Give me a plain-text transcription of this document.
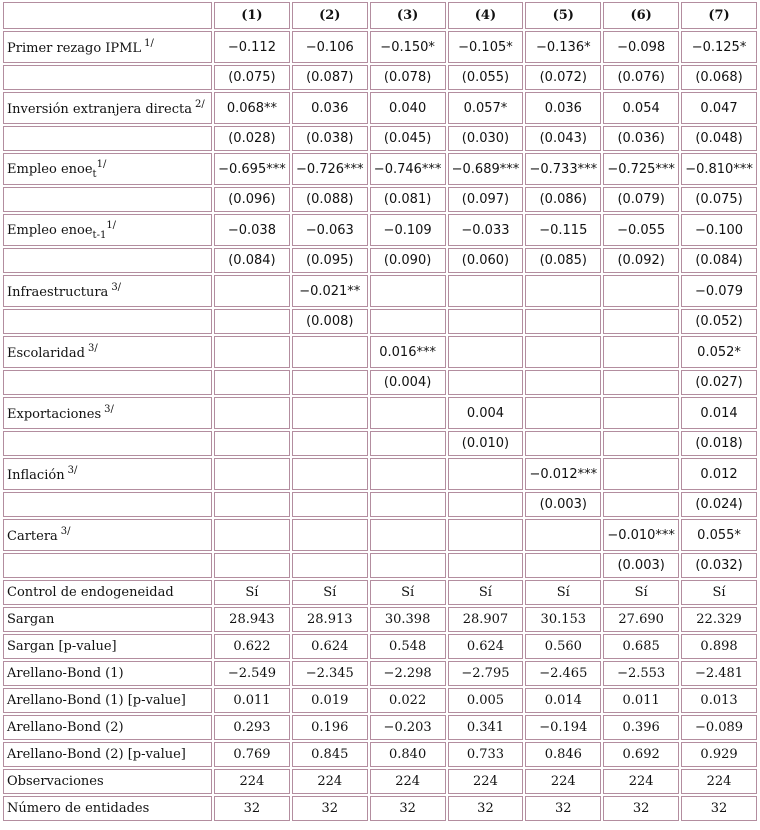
	(1)	(2)	(3)	(4)	(5)	(6)	(7)
Primer rezago IPML $^{1/}$	−0.112	−0.106	−0.150*	−0.105*	−0.136*	−0.098	−0.125*
	(0.075)	(0.087)	(0.078)	(0.055)	(0.072)	(0.076)	(0.068)
Inversión extranjera directa $^{2/}$	0.068**	0.036	0.040	0.057*	0.036	0.054	0.047
	(0.028)	(0.038)	(0.045)	(0.030)	(0.043)	(0.036)	(0.048)
Empleo enoe$_t^{1/}$	−0.695***	−0.726***	−0.746***	−0.689***	−0.733***	−0.725***	−0.810***
	(0.096)	(0.088)	(0.081)	(0.097)	(0.086)	(0.079)	(0.075)
Empleo enoe$_{t-1}^{1/}$	−0.038	−0.063	−0.109	−0.033	−0.115	−0.055	−0.100
	(0.084)	(0.095)	(0.090)	(0.060)	(0.085)	(0.092)	(0.084)
Infraestructura $^{3/}$		−0.021**					−0.079
		(0.008)					(0.052)
Escolaridad $^{3/}$			0.016***				0.052*
			(0.004)				(0.027)
Exportaciones $^{3/}$				0.004			0.014
				(0.010)			(0.018)
Inflación $^{3/}$					−0.012***		0.012
					(0.003)		(0.024)
Cartera $^{3/}$						−0.010***	0.055*
						(0.003)	(0.032)
Control de endogeneidad	Sí	Sí	Sí	Sí	Sí	Sí	Sí
Sargan	28.943	28.913	30.398	28.907	30.153	27.690	22.329
Sargan [p-value]	0.622	0.624	0.548	0.624	0.560	0.685	0.898
Arellano-Bond (1)	−2.549	−2.345	−2.298	−2.795	−2.465	−2.553	−2.481
Arellano-Bond (1) [p-value]	0.011	0.019	0.022	0.005	0.014	0.011	0.013
Arellano-Bond (2)	0.293	0.196	−0.203	0.341	−0.194	0.396	−0.089
Arellano-Bond (2) [p-value]	0.769	0.845	0.840	0.733	0.846	0.692	0.929
Observaciones	224	224	224	224	224	224	224
Número de entidades	32	32	32	32	32	32	32
